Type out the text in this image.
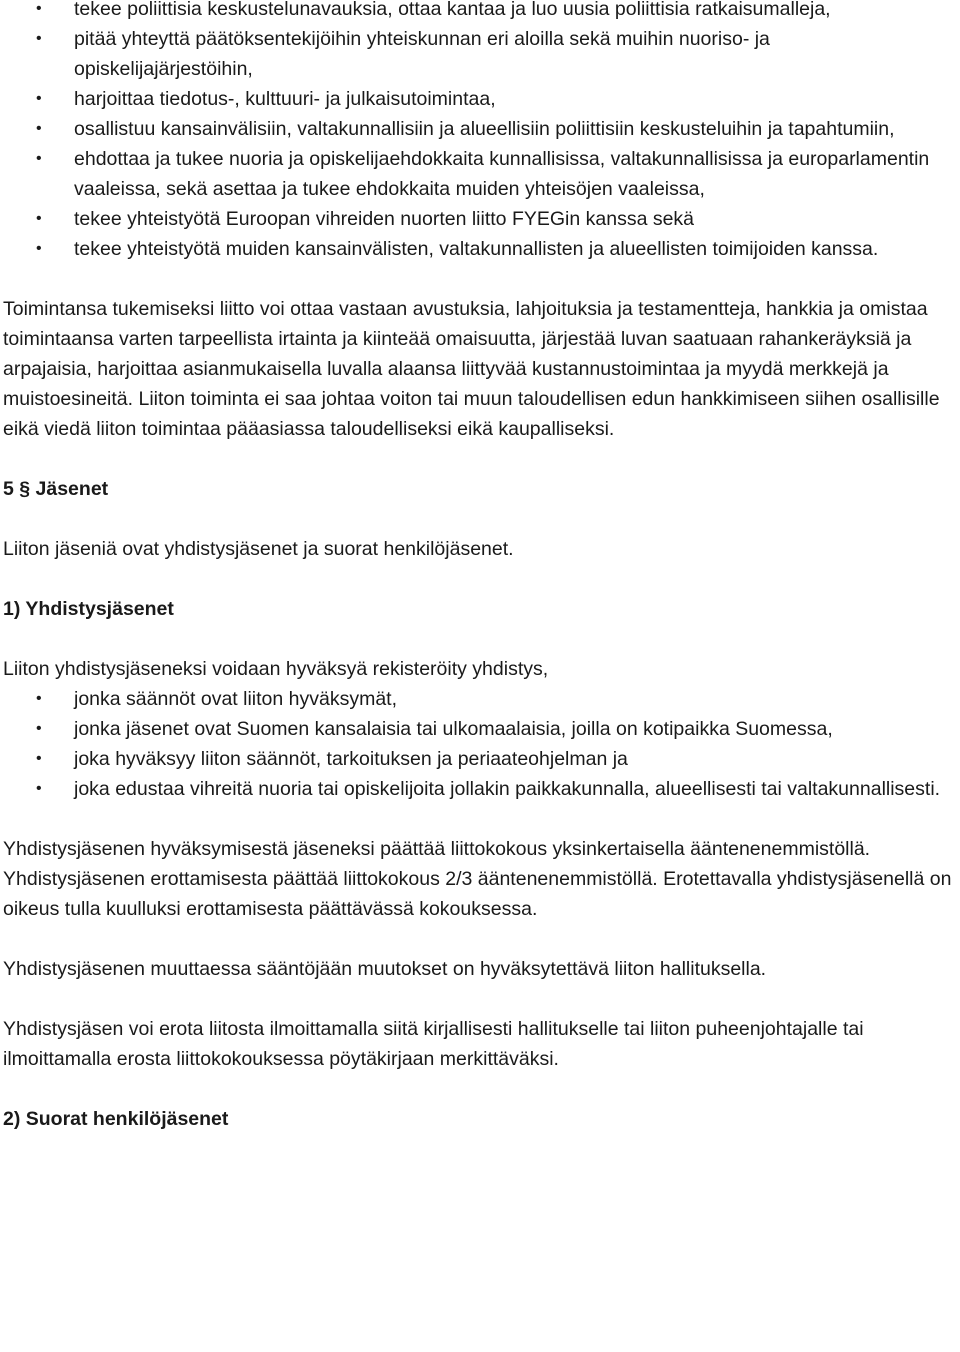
• tekee poliittisia keskustelunavauksia, ottaa kantaa ja luo uusia poliittisia ratkaisumalleja,
• pitää yhteyttä päätöksentekijöihin yhteiskunnan eri aloilla sekä muihin nuoriso- ja opiskelijajärjestöihin,
• harjoittaa tiedotus-, kulttuuri- ja julkaisutoimintaa,
• osallistuu kansainvälisiin, valtakunnallisiin ja alueellisiin poliittisiin keskusteluihin ja tapahtumiin,
• ehdottaa ja tukee nuoria ja opiskelijaehdokkaita kunnallisissa, valtakunnallisissa ja europarlamentin vaaleissa, sekä asettaa ja tukee ehdokkaita muiden yhteisöjen vaaleissa,
• tekee yhteistyötä Euroopan vihreiden nuorten liitto FYEGin kanssa sekä
• tekee yhteistyötä muiden kansainvälisten, valtakunnallisten ja alueellisten toimijoiden kanssa.

Toimintansa tukemiseksi liitto voi ottaa vastaan avustuksia, lahjoituksia ja testamentteja, hankkia ja omistaa toimintaansa varten tarpeellista irtainta ja kiinteää omaisuutta, järjestää luvan saatuaan rahankeräyksiä ja arpajaisia, harjoittaa asianmukaisella luvalla alaansa liittyvää kustannustoimintaa ja myydä merkkejä ja muistoesineitä. Liiton toiminta ei saa johtaa voiton tai muun taloudellisen edun hankkimiseen siihen osallisille eikä viedä liiton toimintaa pääasiassa taloudelliseksi eikä kaupalliseksi.

5 § Jäsenet

Liiton jäseniä ovat yhdistysjäsenet ja suorat henkilöjäsenet.

1) Yhdistysjäsenet

Liiton yhdistysjäseneksi voidaan hyväksyä rekisteröity yhdistys,

• jonka säännöt ovat liiton hyväksymät,
• jonka jäsenet ovat Suomen kansalaisia tai ulkomaalaisia, joilla on kotipaikka Suomessa,
• joka hyväksyy liiton säännöt, tarkoituksen ja periaateohjelman ja
• joka edustaa vihreitä nuoria tai opiskelijoita jollakin paikkakunnalla, alueellisesti tai valtakunnallisesti.

Yhdistysjäsenen hyväksymisestä jäseneksi päättää liittokokous yksinkertaisella ääntenenemmistöllä. Yhdistysjäsenen erottamisesta päättää liittokokous 2/3 ääntenenemmistöllä. Erotettavalla yhdistysjäsenellä on oikeus tulla kuulluksi erottamisesta päättävässä kokouksessa.

Yhdistysjäsenen muuttaessa sääntöjään muutokset on hyväksytettävä liiton hallituksella.

Yhdistysjäsen voi erota liitosta ilmoittamalla siitä kirjallisesti hallitukselle tai liiton puheenjohtajalle tai ilmoittamalla erosta liittokokouksessa pöytäkirjaan merkittäväksi.

2) Suorat henkilöjäsenet
